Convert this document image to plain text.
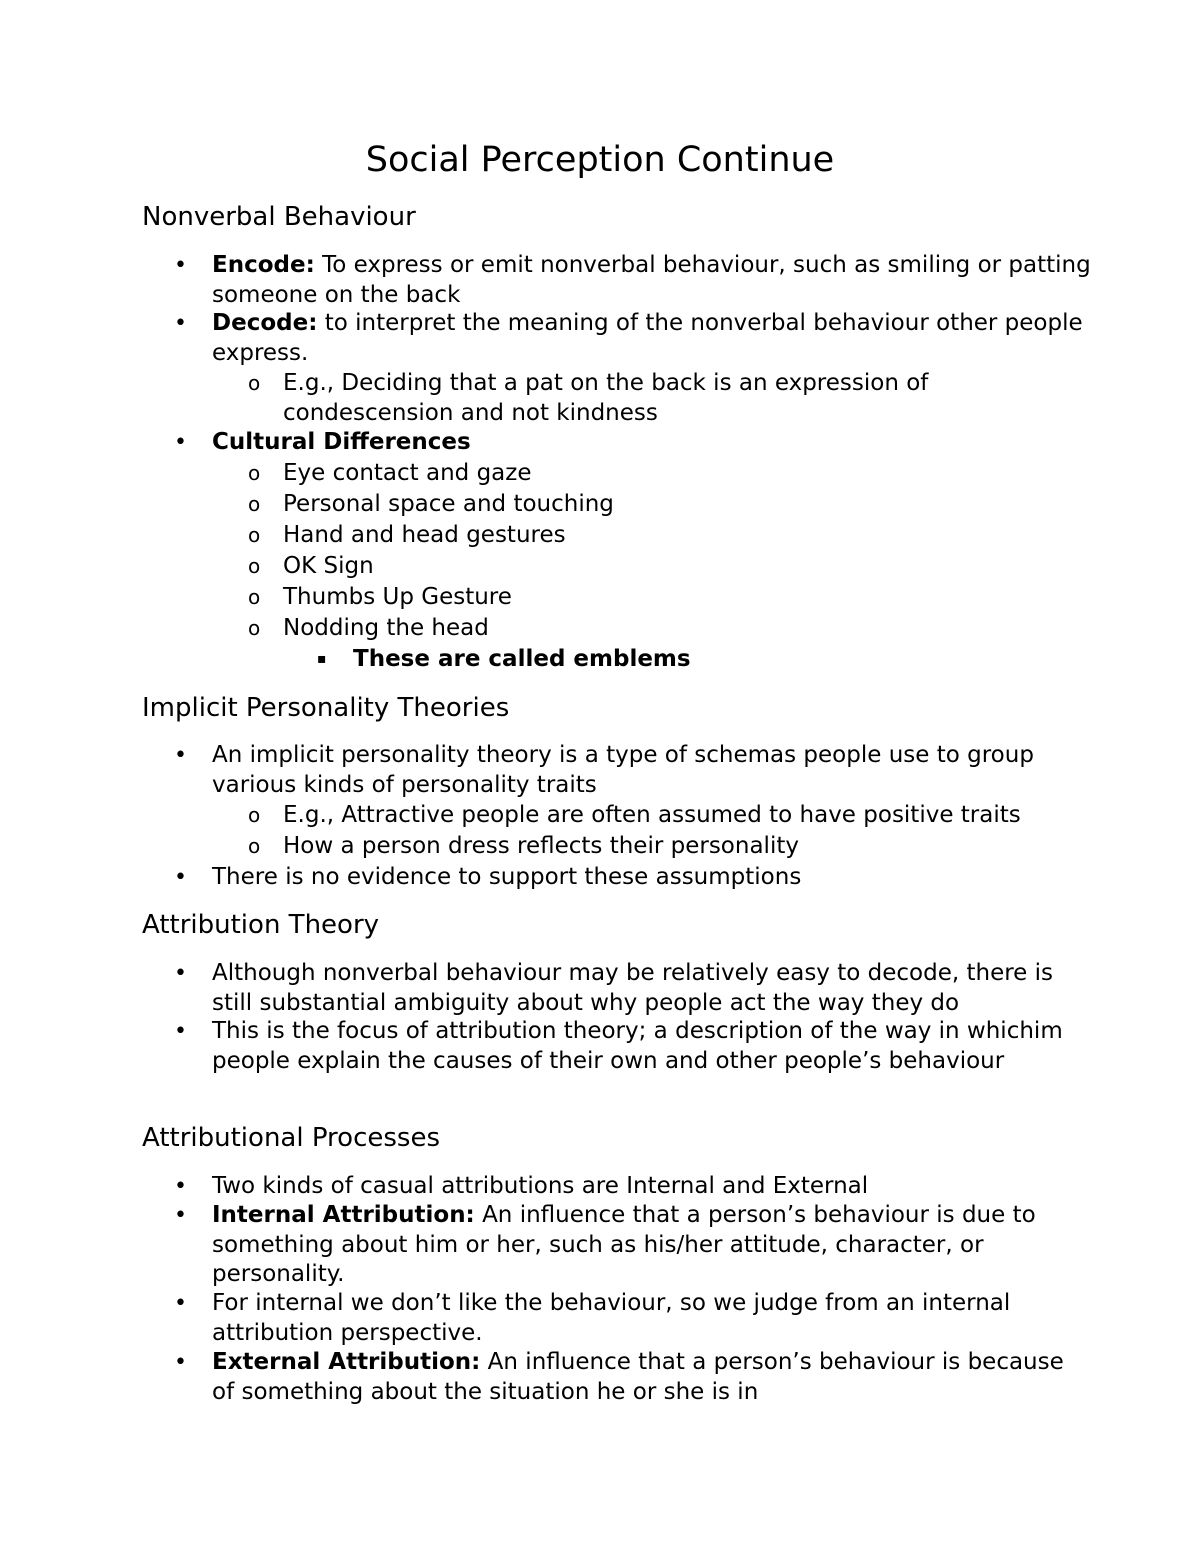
Social Perception Continue
Nonverbal Behaviour
• Encode: To express or emit nonverbal behaviour, such as smiling or patting someone on the back
• Decode: to interpret the meaning of the nonverbal behaviour other people express.
o E.g., Deciding that a pat on the back is an expression of condescension and not kindness
• Cultural Differences
o Eye contact and gaze
o Personal space and touching
o Hand and head gestures
o OK Sign
o Thumbs Up Gesture
o Nodding the head
▪ These are called emblems
Implicit Personality Theories
• An implicit personality theory is a type of schemas people use to group various kinds of personality traits
o E.g., Attractive people are often assumed to have positive traits
o How a person dress reflects their personality
• There is no evidence to support these assumptions
Attribution Theory
• Although nonverbal behaviour may be relatively easy to decode, there is still substantial ambiguity about why people act the way they do
• This is the focus of attribution theory; a description of the way in whichim people explain the causes of their own and other people’s behaviour
Attributional Processes
• Two kinds of casual attributions are Internal and External
• Internal Attribution: An influence that a person’s behaviour is due to something about him or her, such as his/her attitude, character, or personality.
• For internal we don’t like the behaviour, so we judge from an internal attribution perspective.
• External Attribution: An influence that a person’s behaviour is because of something about the situation he or she is in
